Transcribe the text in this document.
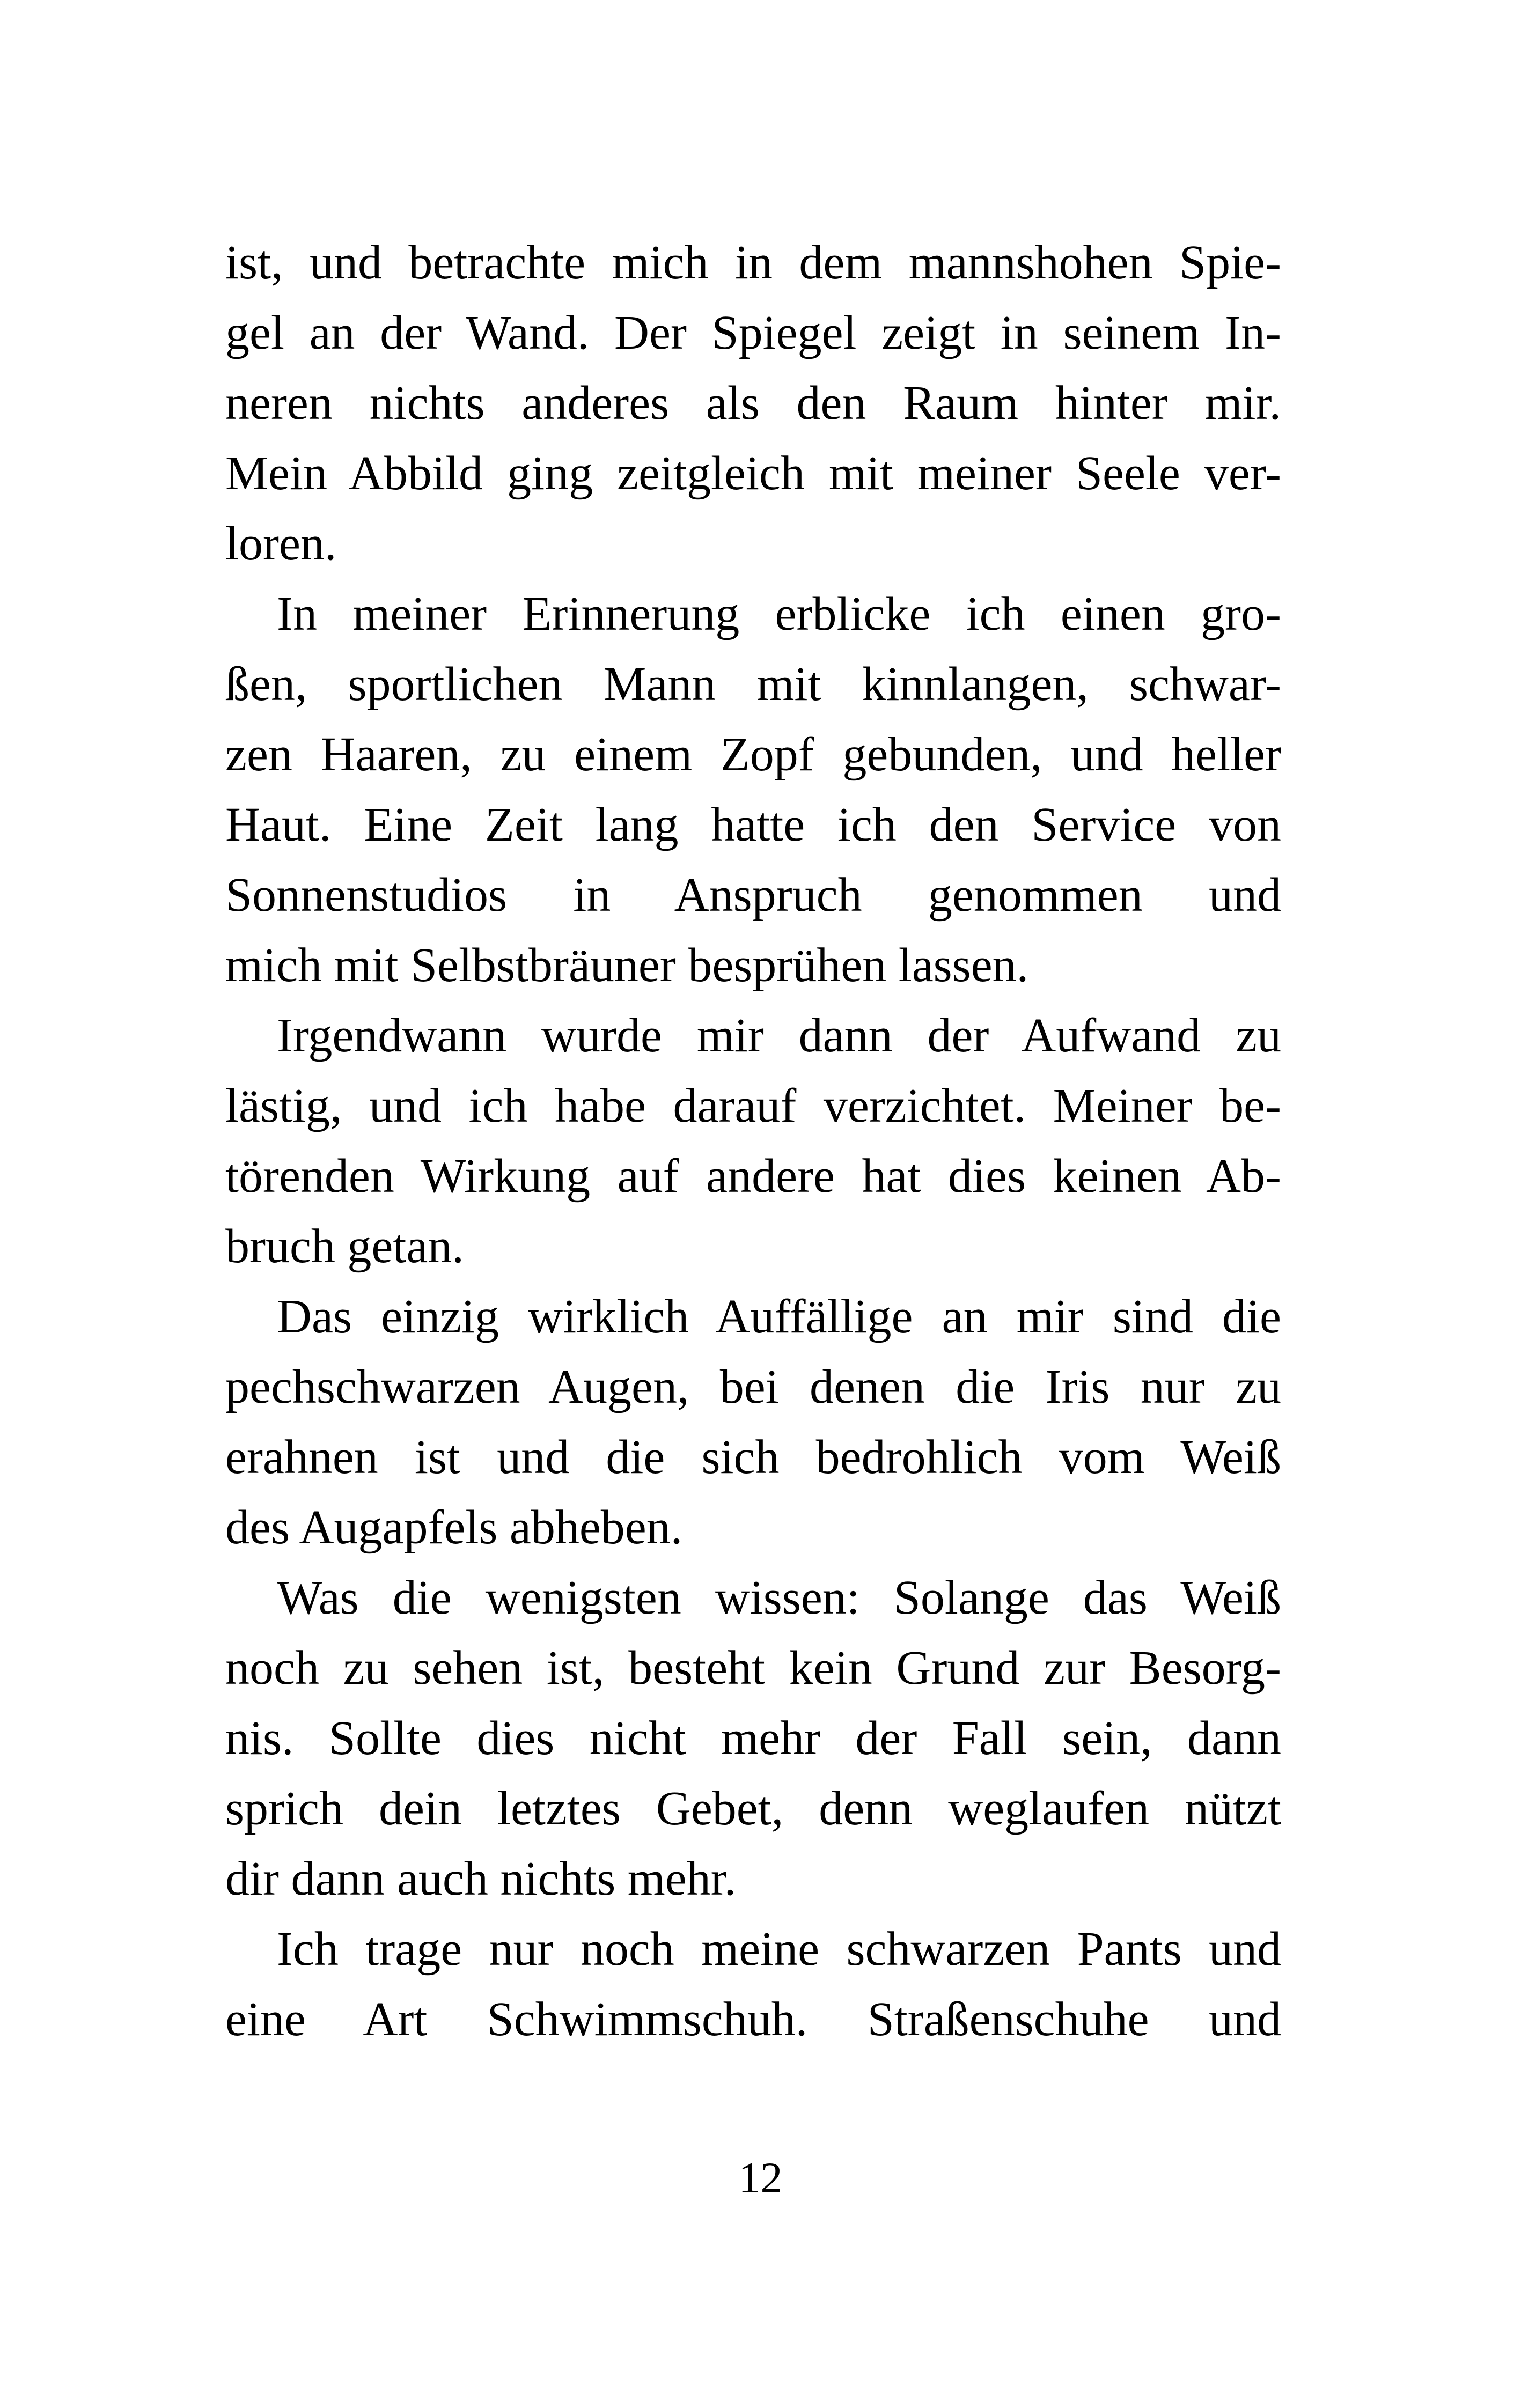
ist, und betrachte mich in dem mannshohen Spie-
gel an der Wand. Der Spiegel zeigt in seinem In-
neren nichts anderes als den Raum hinter mir.
Mein Abbild ging zeitgleich mit meiner Seele ver-
loren.
In meiner Erinnerung erblicke ich einen gro-
ßen, sportlichen Mann mit kinnlangen, schwar-
zen Haaren, zu einem Zopf gebunden, und heller
Haut. Eine Zeit lang hatte ich den Service von
Sonnenstudios in Anspruch genommen und
mich mit Selbstbräuner besprühen lassen.
Irgendwann wurde mir dann der Aufwand zu
lästig, und ich habe darauf verzichtet. Meiner be-
törenden Wirkung auf andere hat dies keinen Ab-
bruch getan.
Das einzig wirklich Auffällige an mir sind die
pechschwarzen Augen, bei denen die Iris nur zu
erahnen ist und die sich bedrohlich vom Weiß
des Augapfels abheben.
Was die wenigsten wissen: Solange das Weiß
noch zu sehen ist, besteht kein Grund zur Besorg-
nis. Sollte dies nicht mehr der Fall sein, dann
sprich dein letztes Gebet, denn weglaufen nützt
dir dann auch nichts mehr.
Ich trage nur noch meine schwarzen Pants und
eine Art Schwimmschuh. Straßenschuhe und
12
